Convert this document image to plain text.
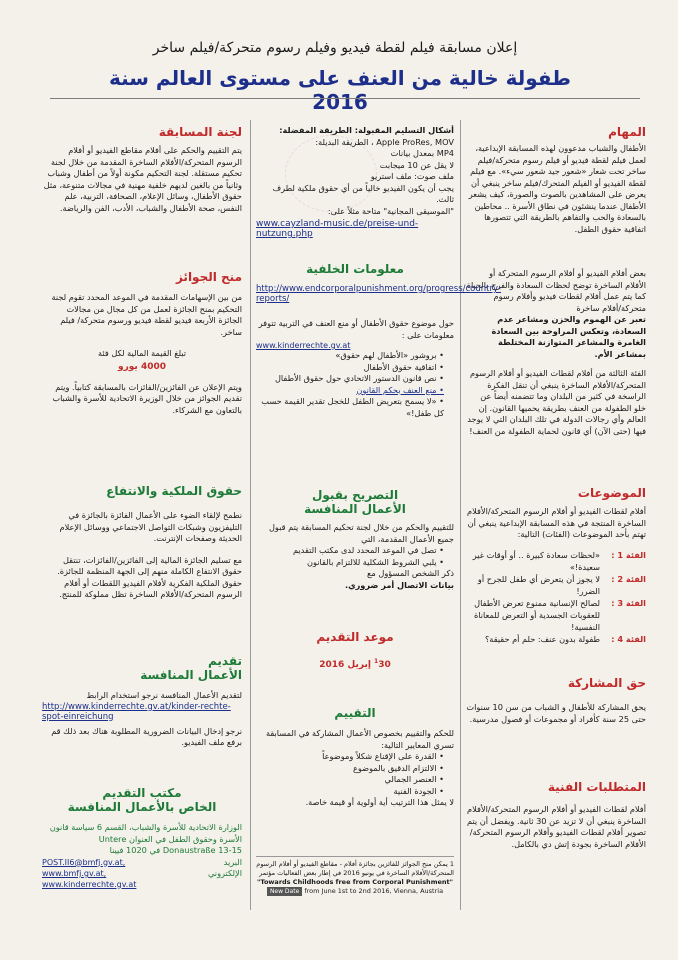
إعلان مسابقة فيلم لقطة فيديو وفيلم رسوم متحركة/فيلم ساخر
طفولة خالية من العنف على مستوى العالم سنة 2016
المهام
الأطفال والشباب مدعوون لهذه المسابقة الإبداعية، لعمل فيلم لقطة فيديو أو فيلم رسوم متحركة/فيلم ساخر تحت شعار «شعور جيد شعور سيء». مع فيلم لقطة الفيديو أو الفيلم المتحرك/فيلم ساخر ينبغي أن يعرض على المشاهدين بالصوت والصورة، كيف يشعر الأطفال عندما ينشئون في نطاق الأسرة .. محاطين بالسعادة والحب والتفاهم بالطريقة التي تتصورها اتفاقية حقوق الطفل.
بعض أفلام الفيديو أو أفلام الرسوم المتحركة أو الأفلام الساخرة توضح لحظات السعادة والفرح بالحياة كما يتم عمل أفلام لقطات فيديو وأفلام رسوم متحركة/أفلام ساخرة
تعبر عن الهموم والحزن ومشاعر عدم السعادة، وتعكس المراوحة بين السعادة الغامرة والمشاعر المتوازنة المختلطة بمشاعر الأم.
الفئة الثالثة من أفلام لقطات الفيديو أو أفلام الرسوم المتحركة/الأفلام الساخرة ينبغي أن تنقل الفكرة الراسخة في كثير من البلدان وما تتضمنه أيضاً عن خلو الطفولة من العنف بطريقة يحميها القانون. إن العالم وأي رجالات الدولة في تلك البلدان التي لا يوجد فيها (حتى الآن) أي قانون لحماية الطفولة من العنف!
الموضوعات
أفلام لقطات الفيديو أو أفلام الرسوم المتحركة/الأفلام الساخرة المنتجة في هذه المسابقة الإبداعية ينبغي أن تهتم بأحد الموضوعات (الفئات) التالية:
الفئة 1 :
«لحظات سعادة كبيرة .. أو أوقات غير سعيدة!»
الفئة 2 :
لا يجوز أن يتعرض أي طفل للجرح أو الضرر!
الفئة 3 :
لصالح الإنسانية ممنوع تعرض الأطفال للعقوبات الجسدية أو التعرض للمعاناة النفسية!
الفئة 4 :
طفولة بدون عنف: حلم أم حقيقة؟
حق المشاركة
يحق المشاركة للأطفال و الشباب من سن 10 سنوات حتى 25 سنة كأفراد أو مجموعات أو فصول مدرسية.
المتطلبات الفنية
أفلام لقطات الفيديو أو أفلام الرسوم المتحركة/الأفلام الساخرة ينبغي أن لا تزيد عن 30 ثانية. ويفضل أن يتم تصوير أفلام لقطات الفيديو وأفلام الرسوم المتحركة/الأفلام الساخرة بجودة إتش دي بالكامل.
أشكال التسليم المقبولة: الطريقة المفضلة:
Apple ProRes, MOV ، الطريقة البديلة:
MP4 بمعدل بيانات
لا يقل عن 10 ميجابت
ملف صوت: ملف استريو
يجب أن يكون الفيديو خالياً من أي حقوق ملكية لطرف ثالث.
"الموسيقى المجانية" متاحة مثلاً على:
www.cayzland-music.de/preise-und-nutzung.php
معلومات الخلفية
http://www.endcorporalpunishment.org/progress/country-reports/
حول موضوع حقوق الأطفال أو منع العنف في التربية تتوفر معلومات على :
www.kinderrechte.gv.at
• بروشور «الأطفال لهم حقوق»
• اتفاقية حقوق الأطفال
• نص قانون الدستور الاتحادي حول حقوق الأطفال
• منع العنف بحكم القانون
• «لا يسمح بتعريض الطفل للخجل تقدير القيمة حسب كل طفل!»
التصريح بقبول
الأعمال المنافسة
للتقييم والحكم من خلال لجنة تحكيم المسابقة يتم قبول جميع الأعمال المقدمة، التي
• تصل في الموعد المحدد لدى مكتب التقديم
• يلبي الشروط الشكلية للالتزام بالقانون
ذكر الشخص المسؤول مع
بيانات الاتصال أمر ضروري.
موعد التقديم
$^1$30 إبريل 2016
التقييم
للحكم والتقييم بخصوص الأعمال المشاركة في المسابقة تسري المعايير التالية:
• القدرة على الإقناع شكلاً وموضوعاً
• الالتزام الدقيق بالموضوع
• العنصر الجمالي
• الجودة الفنية
لا يمثل هذا الترتيب أية أولوية أو قيمة خاصة.
1 يمكن منح الجوائز للفائزين بجائزة أفلام - مقاطع الفيديو أو أفلام الرسوم المتحركة/الأفلام الساخرة في يونيو 2016 في إطار بعض الفعاليات مؤتمر
"Towards Childhoods free from Corporal Punishment"
New Date from June 1st to 2nd 2016, Vienna, Austria
لجنة المسابقة
يتم التقييم والحكم على أفلام مقاطع الفيديو أو أفلام الرسوم المتحركة/الأفلام الساخرة المقدمة من خلال لجنة تحكيم مستقلة. لجنة التحكيم مكونة أولاً من أطفال وشباب وثانياً من بالغين لديهم خلفية مهنية في مجالات متنوعة، مثل حقوق الأطفال، وسائل الإعلام، الصحافة، التربية، علم النفس، صحة الأطفال والشباب، الأدب، الفن والرياضة.
منح الجوائز
من بين الإسهامات المقدمة في الموعد المحدد تقوم لجنة التحكيم بمنح الجائزة لعمل من كل مجال من مجالات الجائزة الأربعة فيديو لقطة فيديو ورسوم متحركة/ فيلم ساخر.
تبلغ القيمة المالية لكل فئة
4000 يورو
ويتم الإعلان عن الفائزين/الفائزات بالمسابقة كتابياً. ويتم تقديم الجوائز من خلال الوزيرة الاتحادية للأسرة والشباب بالتعاون مع الشركاء.
حقوق الملكية والانتفاع
نطمح لإلقاء الضوء على الأعمال الفائزة بالجائزة في التليفزيون وشبكات التواصل الاجتماعي ووسائل الإعلام الحديثة وصفحات الإنترنت.
مع تسليم الجائزة المالية إلى الفائزين/الفائزات، تنتقل حقوق الانتفاع الكاملة منهم إلى الجهة المنظمة للجائزة. حقوق الملكية الفكرية لأفلام الفيديو اللقطات أو أفلام الرسوم المتحركة/الأفلام الساخرة تظل مملوكة للمنتج.
تقديم
الأعمال المنافسة
لتقديم الأعمال المنافسة نرجو استخدام الرابط
http://www.kinderrechte.gv.at/kinder-rechte-spot-einreichung
نرجو إدخال البيانات الضرورية المطلوبة هناك بعد ذلك قم برفع ملف الفيديو.
مكتب التقديم
الخاص بالأعمال المنافسة
الوزارة الاتحادية للأسرة والشباب، القسم 6 سياسة قانون
الأسرة وحقوق الطفل في العنوان Untere
Donaustraße 13-15 في 1020 فيينا
البريد الإلكتروني
POST.II6@bmfj.gv.at, www.bmfj.gv.at,
www.kinderrechte.gv.at
